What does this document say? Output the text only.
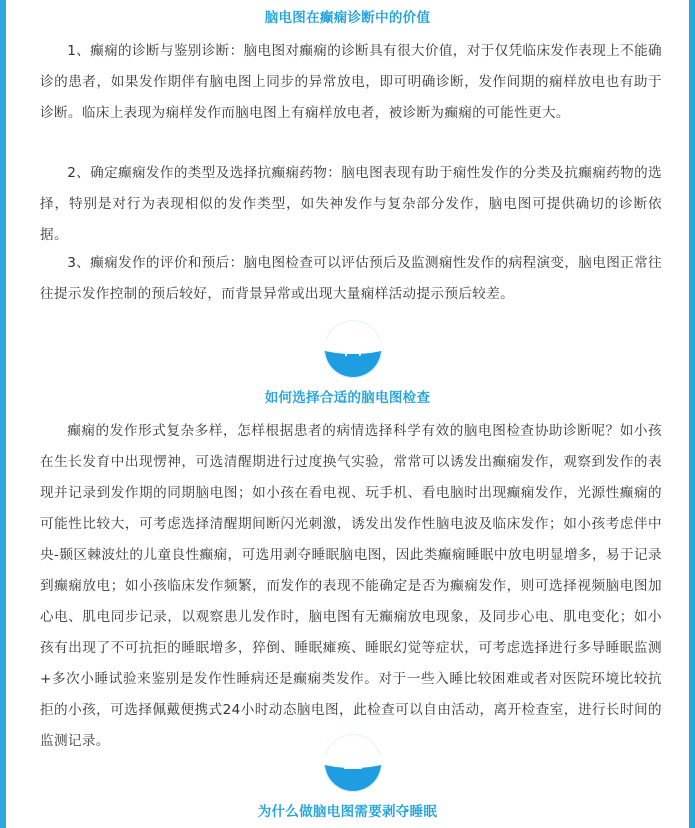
脑电图在癫痫诊断中的价值

1、癫痫的诊断与鉴别诊断：脑电图对癫痫的诊断具有很大价值，对于仅凭临床发作表现上不能确诊的患者，如果发作期伴有脑电图上同步的异常放电，即可明确诊断，发作间期的痫样放电也有助于诊断。临床上表现为痫样发作而脑电图上有痫样放电者，被诊断为癫痫的可能性更大。

2、确定癫痫发作的类型及选择抗癫痫药物：脑电图表现有助于痫性发作的分类及抗癫痫药物的选择，特别是对行为表现相似的发作类型，如失神发作与复杂部分发作，脑电图可提供确切的诊断依据。

3、癫痫发作的评价和预后：脑电图检查可以评估预后及监测痫性发作的病程演变，脑电图正常往往提示发作控制的预后较好，而背景异常或出现大量痫样活动提示预后较差。

四
如何选择合适的脑电图检查

癫痫的发作形式复杂多样，怎样根据患者的病情选择科学有效的脑电图检查协助诊断呢？如小孩在生长发育中出现愣神，可选清醒期进行过度换气实验，常常可以诱发出癫痫发作，观察到发作的表现并记录到发作期的同期脑电图；如小孩在看电视、玩手机、看电脑时出现癫痫发作，光源性癫痫的可能性比较大，可考虑选择清醒期间断闪光刺激，诱发出发作性脑电波及临床发作；如小孩考虑伴中央-颞区棘波灶的儿童良性癫痫，可选用剥夺睡眠脑电图，因此类癫痫睡眠中放电明显增多，易于记录到癫痫放电；如小孩临床发作频繁，而发作的表现不能确定是否为癫痫发作，则可选择视频脑电图加心电、肌电同步记录，以观察患儿发作时，脑电图有无癫痫放电现象，及同步心电、肌电变化；如小孩有出现了不可抗拒的睡眠增多，猝倒、睡眠瘫痪、睡眠幻觉等症状，可考虑选择进行多导睡眠监测+多次小睡试验来鉴别是发作性睡病还是癫痫类发作。对于一些入睡比较困难或者对医院环境比较抗拒的小孩，可选择佩戴便携式24小时动态脑电图，此检查可以自由活动，离开检查室，进行长时间的监测记录。

五
为什么做脑电图需要剥夺睡眠
